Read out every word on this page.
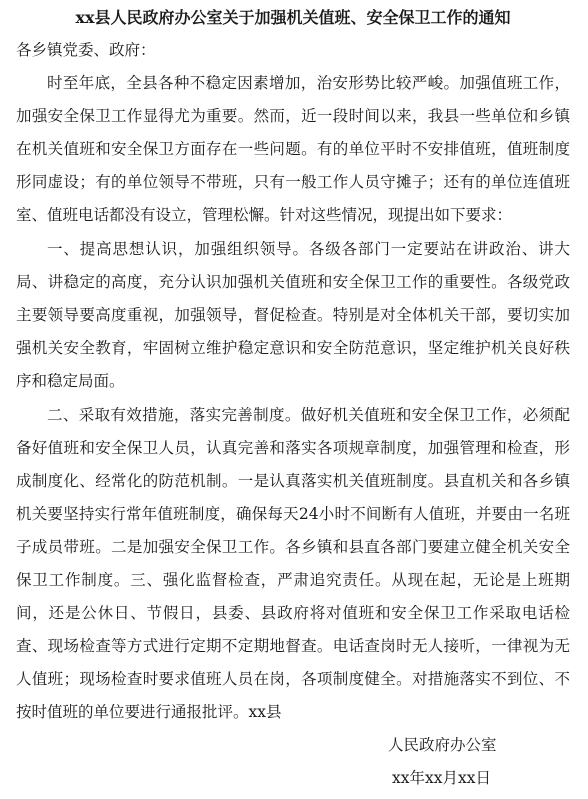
xx县人民政府办公室关于加强机关值班、安全保卫工作的通知
各乡镇党委、政府：

时至年底，全县各种不稳定因素增加，治安形势比较严峻。加强值班工作，加强安全保卫工作显得尤为重要。然而，近一段时间以来，我县一些单位和乡镇在机关值班和安全保卫方面存在一些问题。有的单位平时不安排值班，值班制度形同虚设；有的单位领导不带班，只有一般工作人员守摊子；还有的单位连值班室、值班电话都没有设立，管理松懈。针对这些情况，现提出如下要求：

一、提高思想认识，加强组织领导。各级各部门一定要站在讲政治、讲大局、讲稳定的高度，充分认识加强机关值班和安全保卫工作的重要性。各级党政主要领导要高度重视，加强领导，督促检查。特别是对全体机关干部，要切实加强机关安全教育，牢固树立维护稳定意识和安全防范意识，坚定维护机关良好秩序和稳定局面。

二、采取有效措施，落实完善制度。做好机关值班和安全保卫工作，必须配备好值班和安全保卫人员，认真完善和落实各项规章制度，加强管理和检查，形成制度化、经常化的防范机制。一是认真落实机关值班制度。县直机关和各乡镇机关要坚持实行常年值班制度，确保每天24小时不间断有人值班，并要由一名班子成员带班。二是加强安全保卫工作。各乡镇和县直各部门要建立健全机关安全保卫工作制度。三、强化监督检查，严肃追究责任。从现在起，无论是上班期间，还是公休日、节假日，县委、县政府将对值班和安全保卫工作采取电话检查、现场检查等方式进行定期不定期地督查。电话查岗时无人接听，一律视为无人值班；现场检查时要求值班人员在岗，各项制度健全。对措施落实不到位、不按时值班的单位要进行通报批评。xx县

人民政府办公室
xx年xx月xx日
